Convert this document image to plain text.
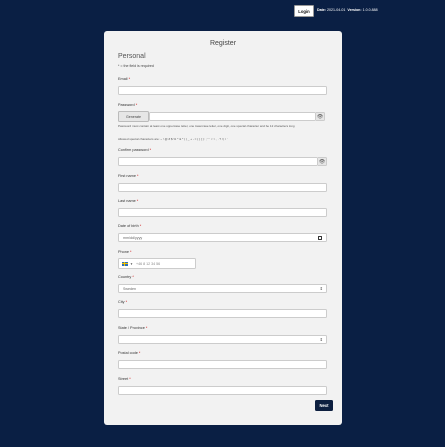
Login	Date: 2021-04-01 Version: 1.0.0.888
Register
Personal
* = the field is required
Email *
Password *
Generate	👁
Password must contain at least one uppercase letter, one lowercase letter, one digit, one special character and be 12 characters long
Allowed special characters are: ~ ! @ # $ % ^ & * ( ) _ + - = { } [ ] : ; " ' < > , . ? / | \ `
Confirm password *
👁
First name *
Last name *
Date of birth *
mm/dd/yyyy
Phone *
▼ +46 8 12 34 56
Country *
Sweden	⇕
City *
State / Province *
⇕
Postal code *
Street *
Next
